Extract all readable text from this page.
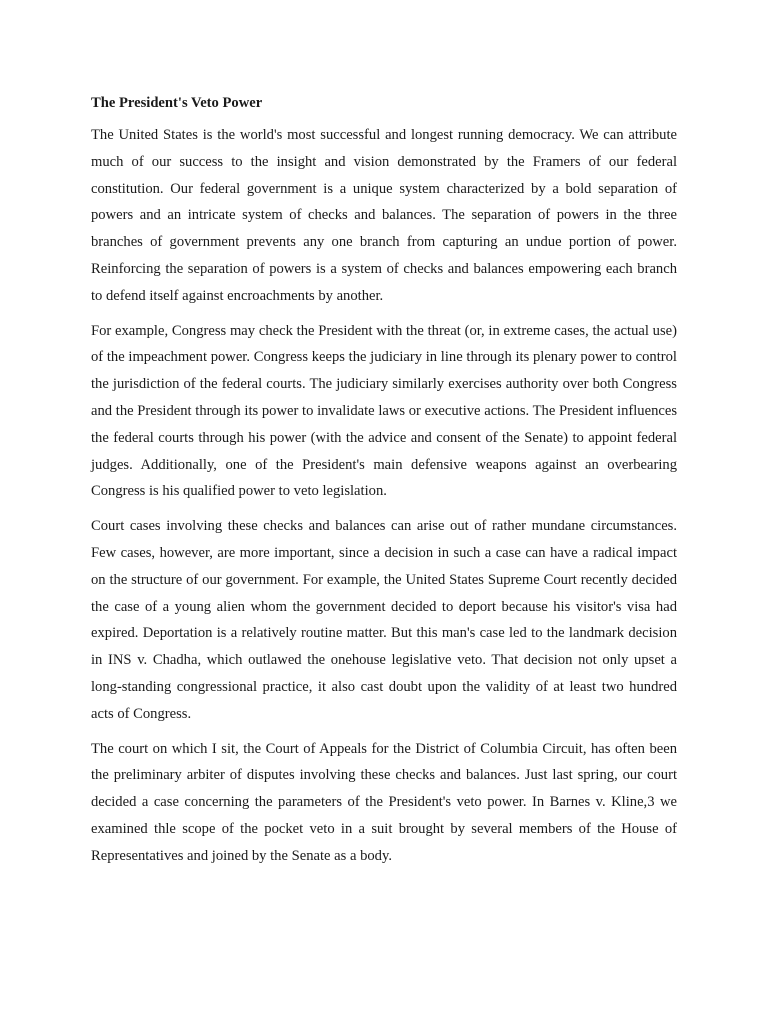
The President's Veto Power

The United States is the world's most successful and longest running democracy. We can attribute much of our success to the insight and vision demonstrated by the Framers of our federal constitution. Our federal government is a unique system characterized by a bold separation of powers and an intricate system of checks and balances. The separation of powers in the three branches of government prevents any one branch from capturing an undue portion of power. Reinforcing the separation of powers is a system of checks and balances empowering each branch to defend itself against encroachments by another.

For example, Congress may check the President with the threat (or, in extreme cases, the actual use) of the impeachment power. Congress keeps the judiciary in line through its plenary power to control the jurisdiction of the federal courts. The judiciary similarly exercises authority over both Congress and the President through its power to invalidate laws or executive actions. The President influences the federal courts through his power (with the advice and consent of the Senate) to appoint federal judges. Additionally, one of the President's main defensive weapons against an overbearing Congress is his qualified power to veto legislation.

Court cases involving these checks and balances can arise out of rather mundane circumstances. Few cases, however, are more important, since a decision in such a case can have a radical impact on the structure of our government. For example, the United States Supreme Court recently decided the case of a young alien whom the government decided to deport because his visitor's visa had expired. Deportation is a relatively routine matter. But this man's case led to the landmark decision in INS v. Chadha, which outlawed the onehouse legislative veto. That decision not only upset a long-standing congressional practice, it also cast doubt upon the validity of at least two hundred acts of Congress.

The court on which I sit, the Court of Appeals for the District of Columbia Circuit, has often been the preliminary arbiter of disputes involving these checks and balances. Just last spring, our court decided a case concerning the parameters of the President's veto power. In Barnes v. Kline,3 we examined thle scope of the pocket veto in a suit brought by several members of the House of Representatives and joined by the Senate as a body.
